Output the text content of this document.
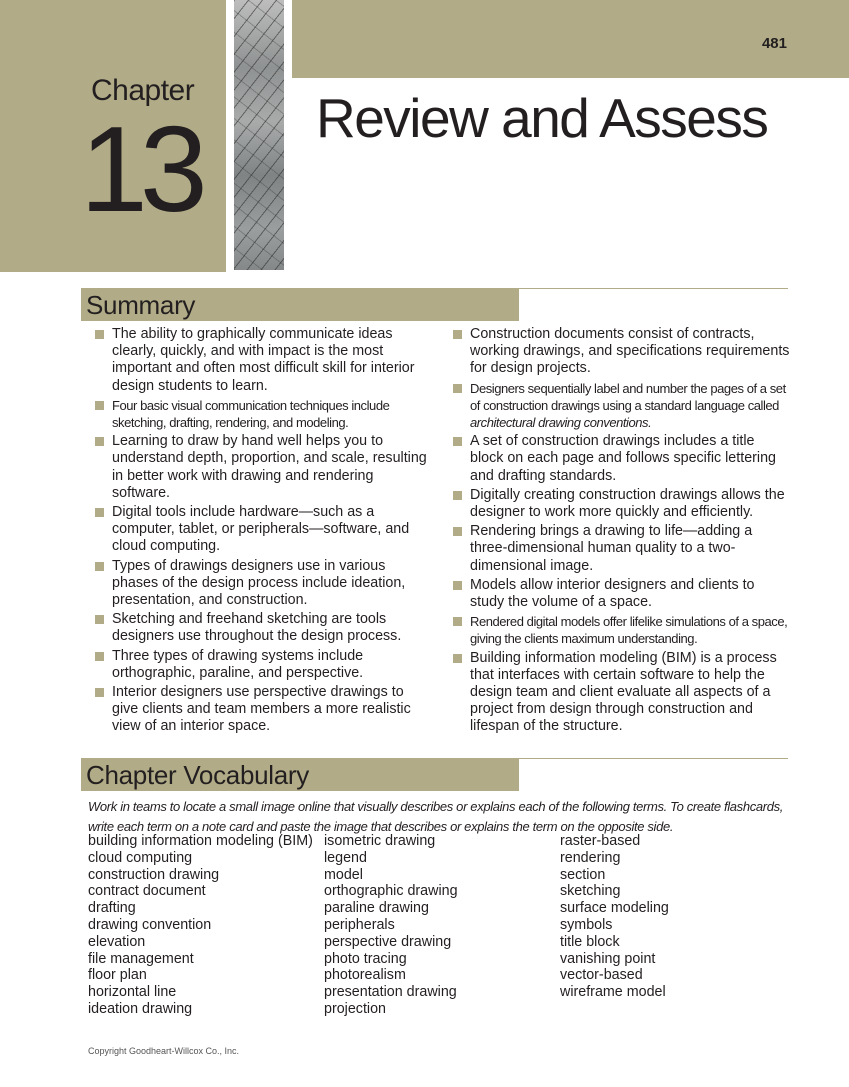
481
Chapter
13 Review and Assess
Summary
The ability to graphically communicate ideas clearly, quickly, and with impact is the most important and often most difficult skill for interior design students to learn.
Four basic visual communication techniques include sketching, drafting, rendering, and modeling.
Learning to draw by hand well helps you to understand depth, proportion, and scale, resulting in better work with drawing and rendering software.
Digital tools include hardware—such as a computer, tablet, or peripherals—software, and cloud computing.
Types of drawings designers use in various phases of the design process include ideation, presentation, and construction.
Sketching and freehand sketching are tools designers use throughout the design process.
Three types of drawing systems include orthographic, paraline, and perspective.
Interior designers use perspective drawings to give clients and team members a more realistic view of an interior space.
Construction documents consist of contracts, working drawings, and specifications requirements for design projects.
Designers sequentially label and number the pages of a set of construction drawings using a standard language called architectural drawing conventions.
A set of construction drawings includes a title block on each page and follows specific lettering and drafting standards.
Digitally creating construction drawings allows the designer to work more quickly and efficiently.
Rendering brings a drawing to life—adding a three-dimensional human quality to a two-dimensional image.
Models allow interior designers and clients to study the volume of a space.
Rendered digital models offer lifelike simulations of a space, giving the clients maximum understanding.
Building information modeling (BIM) is a process that interfaces with certain software to help the design team and client evaluate all aspects of a project from design through construction and lifespan of the structure.
Chapter Vocabulary
Work in teams to locate a small image online that visually describes or explains each of the following terms. To create flashcards, write each term on a note card and paste the image that describes or explains the term on the opposite side.
building information modeling (BIM)
cloud computing
construction drawing
contract document
drafting
drawing convention
elevation
file management
floor plan
horizontal line
ideation drawing
isometric drawing
legend
model
orthographic drawing
paraline drawing
peripherals
perspective drawing
photo tracing
photorealism
presentation drawing
projection
raster-based
rendering
section
sketching
surface modeling
symbols
title block
vanishing point
vector-based
wireframe model
Copyright Goodheart-Willcox Co., Inc.
